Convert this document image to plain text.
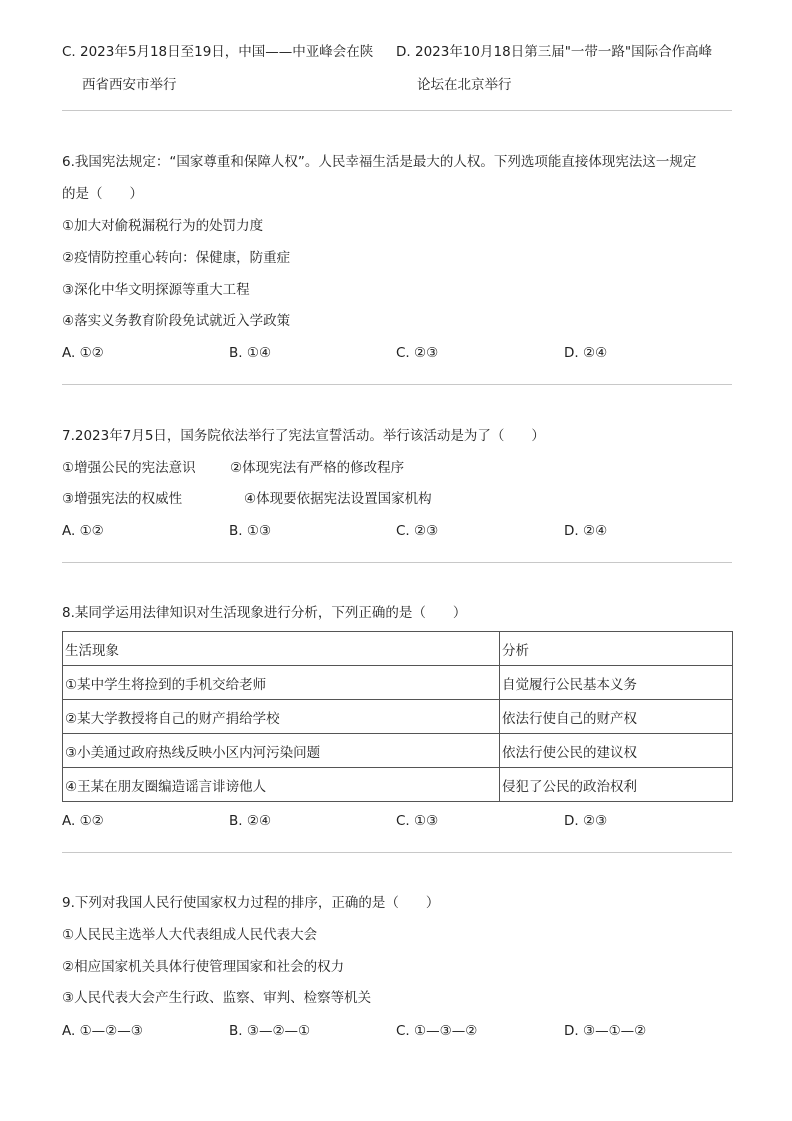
C. 2023年5月18日至19日，中国——中亚峰会在陕
西省西安市举行
D. 2023年10月18日第三届"一带一路"国际合作高峰
论坛在北京举行
6.我国宪法规定：“国家尊重和保障人权”。人民幸福生活是最大的人权。下列选项能直接体现宪法这一规定
的是（　　）
①加大对偷税漏税行为的处罚力度
②疫情防控重心转向：保健康，防重症
③深化中华文明探源等重大工程
④落实义务教育阶段免试就近入学政策
A. ①②	B. ①④	C. ②③	D. ②④
7.2023年7月5日，国务院依法举行了宪法宣誓活动。举行该活动是为了（　　）
①增强公民的宪法意识	②体现宪法有严格的修改程序
③增强宪法的权威性	④体现要依据宪法设置国家机构
A. ①②	B. ①③	C. ②③	D. ②④
8.某同学运用法律知识对生活现象进行分析，下列正确的是（　　）
生活现象	分析
①某中学生将捡到的手机交给老师	自觉履行公民基本义务
②某大学教授将自己的财产捐给学校	依法行使自己的财产权
③小美通过政府热线反映小区内河污染问题	依法行使公民的建议权
④王某在朋友圈编造谣言诽谤他人	侵犯了公民的政治权利
A. ①②	B. ②④	C. ①③	D. ②③
9.下列对我国人民行使国家权力过程的排序，正确的是（　　）
①人民民主选举人大代表组成人民代表大会
②相应国家机关具体行使管理国家和社会的权力
③人民代表大会产生行政、监察、审判、检察等机关
A. ①—②—③	B. ③—②—①	C. ①—③—②	D. ③—①—②
